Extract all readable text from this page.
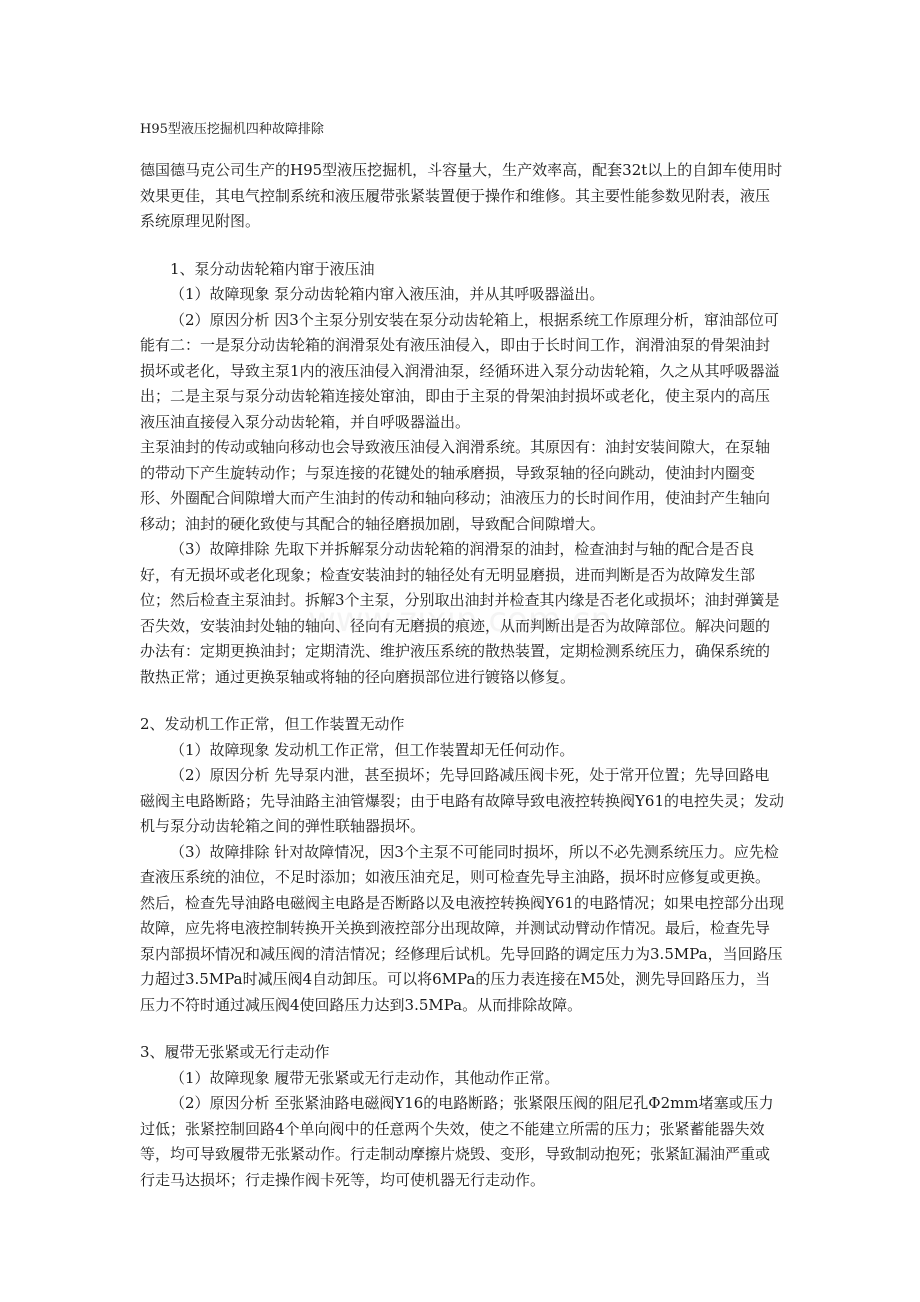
H95型液压挖掘机四种故障排除

德国德马克公司生产的H95型液压挖掘机，斗容量大，生产效率高，配套32t以上的自卸车使用时效果更佳，其电气控制系统和液压履带张紧装置便于操作和维修。其主要性能参数见附表，液压系统原理见附图。

1、泵分动齿轮箱内窜于液压油

（1）故障现象 泵分动齿轮箱内窜入液压油，并从其呼吸器溢出。

（2）原因分析 因3个主泵分别安装在泵分动齿轮箱上，根据系统工作原理分析，窜油部位可能有二：一是泵分动齿轮箱的润滑泵处有液压油侵入，即由于长时间工作，润滑油泵的骨架油封损坏或老化，导致主泵1内的液压油侵入润滑油泵，经循环进入泵分动齿轮箱，久之从其呼吸器溢出；二是主泵与泵分动齿轮箱连接处窜油，即由于主泵的骨架油封损坏或老化，使主泵内的高压液压油直接侵入泵分动齿轮箱，并自呼吸器溢出。

主泵油封的传动或轴向移动也会导致液压油侵入润滑系统。其原因有：油封安装间隙大，在泵轴的带动下产生旋转动作；与泵连接的花键处的轴承磨损，导致泵轴的径向跳动，使油封内圈变形、外圈配合间隙增大而产生油封的传动和轴向移动；油液压力的长时间作用，使油封产生轴向移动；油封的硬化致使与其配合的轴径磨损加剧，导致配合间隙增大。

（3）故障排除 先取下并拆解泵分动齿轮箱的润滑泵的油封，检查油封与轴的配合是否良好，有无损坏或老化现象；检查安装油封的轴径处有无明显磨损，进而判断是否为故障发生部位；然后检查主泵油封。拆解3个主泵，分别取出油封并检查其内缘是否老化或损坏；油封弹簧是否失效，安装油封处轴的轴向、径向有无磨损的痕迹，从而判断出是否为故障部位。解决问题的办法有：定期更换油封；定期清洗、维护液压系统的散热装置，定期检测系统压力，确保系统的散热正常；通过更换泵轴或将轴的径向磨损部位进行镀铬以修复。

2、发动机工作正常，但工作装置无动作

（1）故障现象 发动机工作正常，但工作装置却无任何动作。

（2）原因分析 先导泵内泄，甚至损坏；先导回路减压阀卡死，处于常开位置；先导回路电磁阀主电路断路；先导油路主油管爆裂；由于电路有故障导致电液控转换阀Y61的电控失灵；发动机与泵分动齿轮箱之间的弹性联轴器损坏。

（3）故障排除 针对故障情况，因3个主泵不可能同时损坏，所以不必先测系统压力。应先检查液压系统的油位，不足时添加；如液压油充足，则可检查先导主油路，损坏时应修复或更换。然后，检查先导油路电磁阀主电路是否断路以及电液控转换阀Y61的电路情况；如果电控部分出现故障，应先将电液控制转换开关换到液控部分出现故障，并测试动臂动作情况。最后，检查先导泵内部损坏情况和减压阀的清洁情况；经修理后试机。先导回路的调定压力为3.5MPa，当回路压力超过3.5MPa时减压阀4自动卸压。可以将6MPa的压力表连接在M5处，测先导回路压力，当压力不符时通过减压阀4使回路压力达到3.5MPa。从而排除故障。

3、履带无张紧或无行走动作

（1）故障现象 履带无张紧或无行走动作，其他动作正常。

（2）原因分析 至张紧油路电磁阀Y16的电路断路；张紧限压阀的阻尼孔Φ2mm堵塞或压力过低；张紧控制回路4个单向阀中的任意两个失效，使之不能建立所需的压力；张紧蓄能器失效等，均可导致履带无张紧动作。行走制动摩擦片烧毁、变形，导致制动抱死；张紧缸漏油严重或行走马达损坏；行走操作阀卡死等，均可使机器无行走动作。
